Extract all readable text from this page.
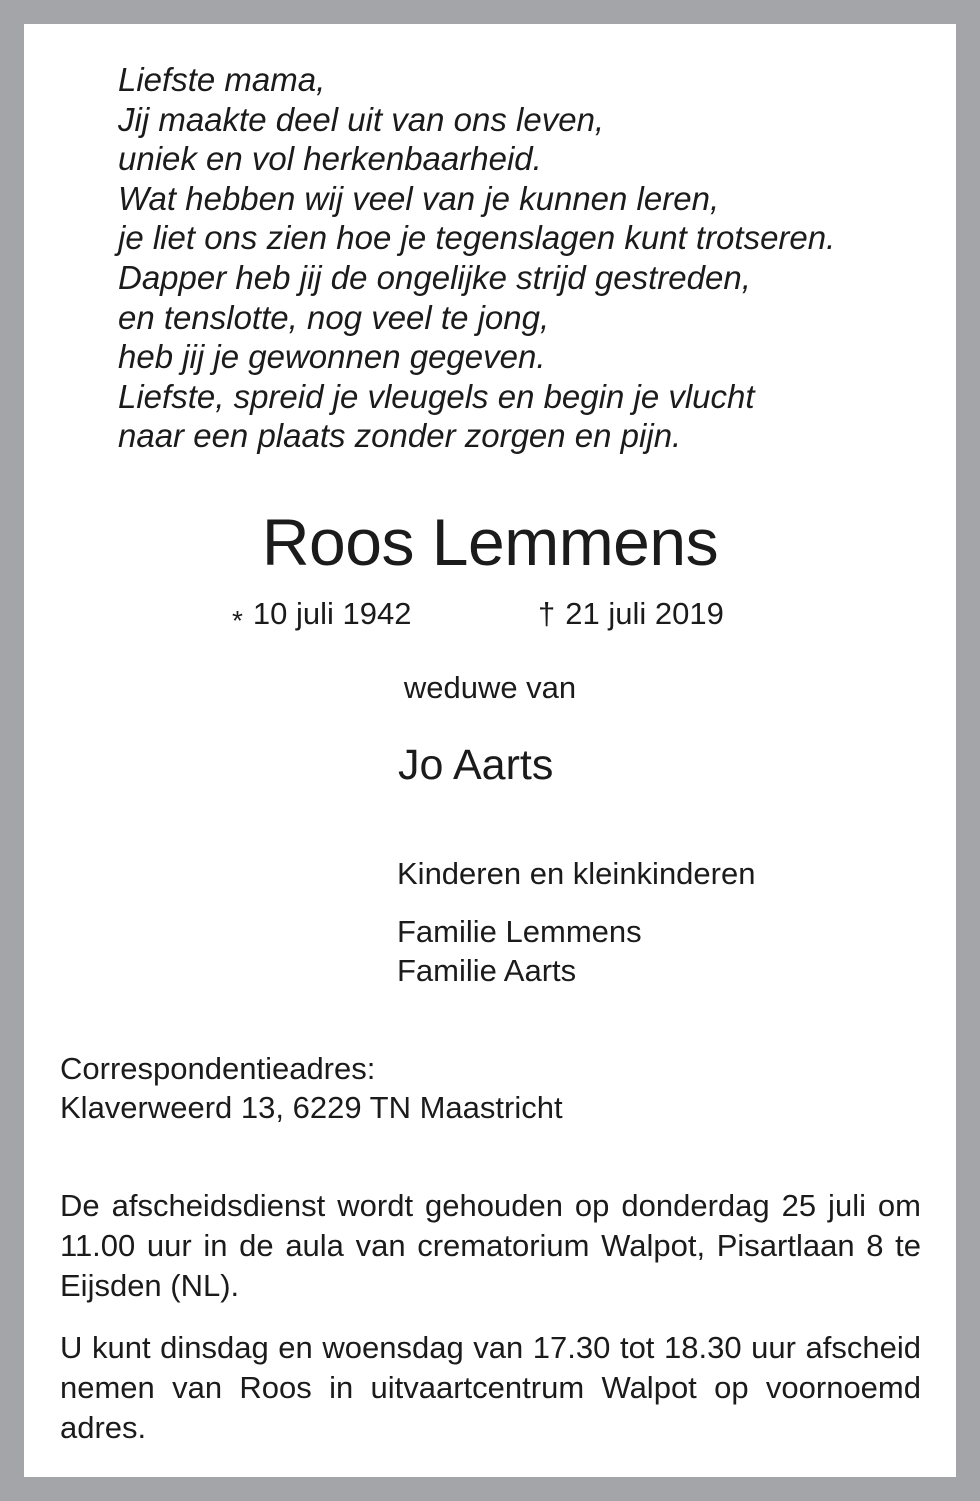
Liefste mama,
Jij maakte deel uit van ons leven,
uniek en vol herkenbaarheid.
Wat hebben wij veel van je kunnen leren,
je liet ons zien hoe je tegenslagen kunt trotseren.
Dapper heb jij de ongelijke strijd gestreden,
en tenslotte, nog veel te jong,
heb jij je gewonnen gegeven.
Liefste, spreid je vleugels en begin je vlucht
naar een plaats zonder zorgen en pijn.
Roos Lemmens
* 10 juli 1942	† 21 juli 2019
weduwe van
Jo Aarts
Kinderen en kleinkinderen
Familie Lemmens
Familie Aarts
Correspondentieadres:
Klaverweerd 13, 6229 TN Maastricht
De afscheidsdienst wordt gehouden op donderdag 25 juli om 11.00 uur in de aula van crematorium Walpot, Pisartlaan 8 te Eijsden (NL).
U kunt dinsdag en woensdag van 17.30 tot 18.30 uur afscheid nemen van Roos in uitvaartcentrum Walpot op voornoemd adres.
